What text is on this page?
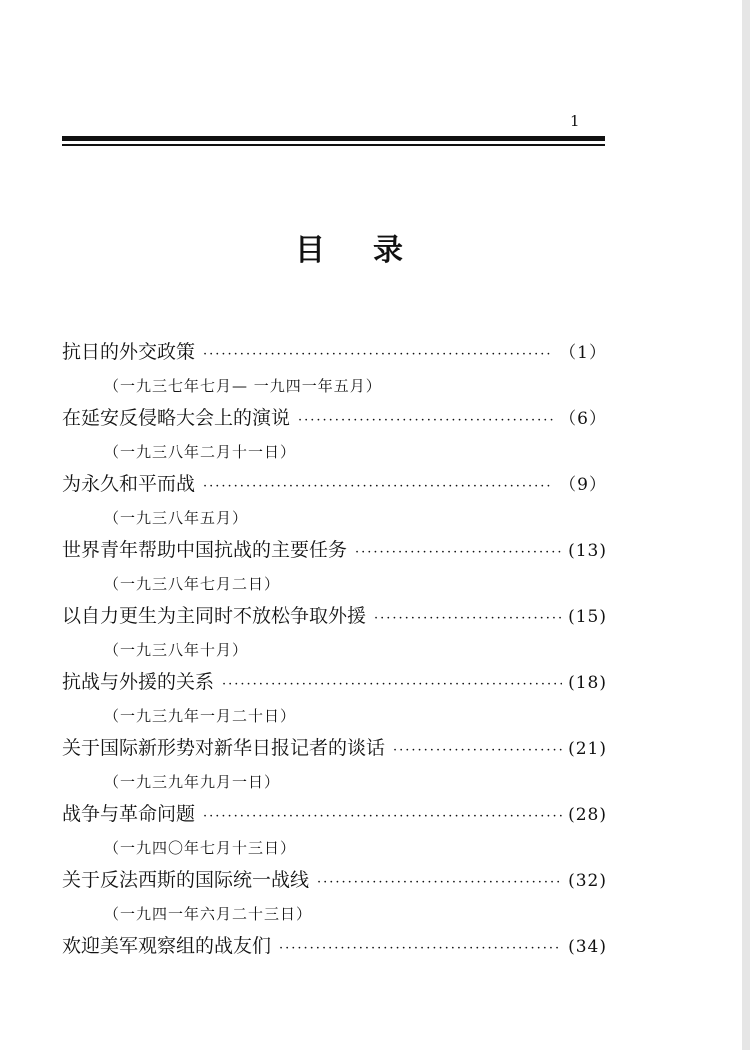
1
目录
抗日的外交政策 ·····	（1）
（一九三七年七月— 一九四一年五月）
在延安反侵略大会上的演说 ·····	（6）
（一九三八年二月十一日）
为永久和平而战 ·····	（9）
（一九三八年五月）
世界青年帮助中国抗战的主要任务 ·····	(13)
（一九三八年七月二日）
以自力更生为主同时不放松争取外援 ·····	(15)
（一九三八年十月）
抗战与外援的关系 ·····	(18)
（一九三九年一月二十日）
关于国际新形势对新华日报记者的谈话 ·····	(21)
（一九三九年九月一日）
战争与革命问题 ·····	(28)
（一九四〇年七月十三日）
关于反法西斯的国际统一战线 ·····	(32)
（一九四一年六月二十三日）
欢迎美军观察组的战友们 ·····	(34)
